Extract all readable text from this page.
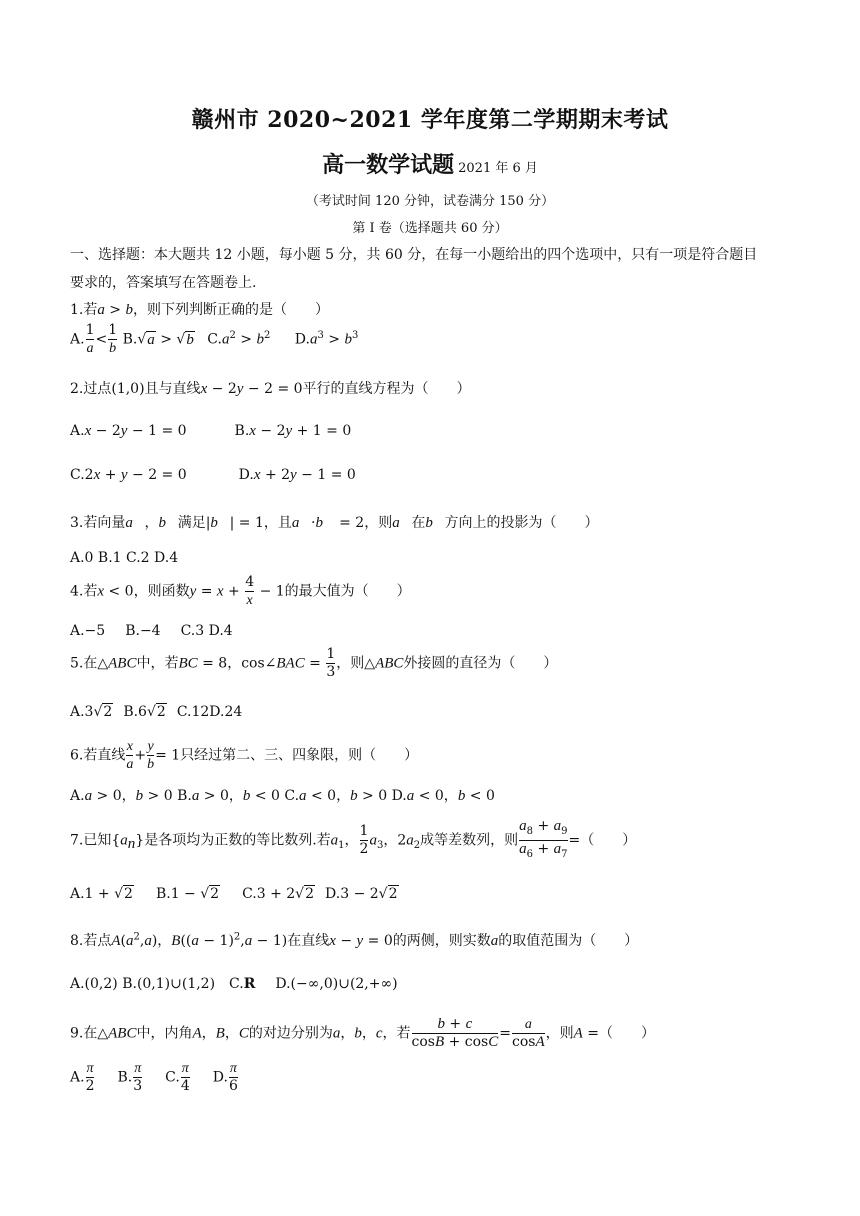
赣州市 2020~2021 学年度第二学期期末考试
高一数学试题 2021 年 6 月
（考试时间 120 分钟，试卷满分 150 分）
第 I 卷（选择题共 60 分）
一、选择题：本大题共 12 小题，每小题 5 分，共 60 分，在每一小题给出的四个选项中，只有一项是符合题目
要求的，答案填写在答题卷上.
1.若a > b，则下列判断正确的是（　　）
A. $\frac{1}{a} < \frac{1}{b} B.√a > √b$ $C.a^2 > b^2$ $D.a^3 > b^3$
2.过点(1,0)且与直线x − 2y − 2 = 0平行的直线方程为（　　）
A.x − 2y − 1 = 0	B.x − 2y + 1 = 0
C.2x + y − 2 = 0	D.x + 2y − 1 = 0
3.若向量a⃗，b⃗满足|b⃗| = 1，且a⃗·b⃗ = 2，则a⃗在b⃗方向上的投影为（　　）
A.0 B.1 C.2 D.4
4.若x < 0，则函数$y = x + \frac{4}{x} - 1$的最大值为（　　）
A.−5 B.−4 C.3 D.4
5.在△ABC中，若BC = 8，cos∠BAC = $\frac{1}{3}$ ，则△ABC外接圆的直径为（　　）
A.3√2 B.6√2 C.12D.24
6.若直线 $\frac{x}{a} + \frac{y}{b} = 1$只经过第二、三、四象限，则（　　）
A.a > 0，b > 0 B.a > 0，b < 0 C.a < 0，b > 0 D.a < 0，b < 0
7.已知$\{a_n\}$是各项均为正数的等比数列.若$a_1$， $\frac{1}{2} a_3$，$2a_2$成等差数列，则 $\frac{a_8 + a_9}{a_6 + a_7}$ =（　　）
A.1 + √2 B.1 − √2 C.3 + 2√2 D.3 − 2√2
8.若点$A(a^2,a)$，$B((a - 1)^2,a - 1)$在直线x − y = 0的两侧，则实数a的取值范围为（　　）
A.(0,2) B.(0,1)∪(1,2) C.R D.(−∞,0)∪(2,+∞)
9.在△ABC中，内角A，B，C的对边分别为a，b，c，若 $\frac{b + c}{\cos B + \cos C} = \frac{a}{\cos A}$ ，则A =（　　）
A. $\frac{\pi}{2} B$. $\frac{\pi}{3} C$. $\frac{\pi}{4} D$. $\frac{\pi}{6}$
